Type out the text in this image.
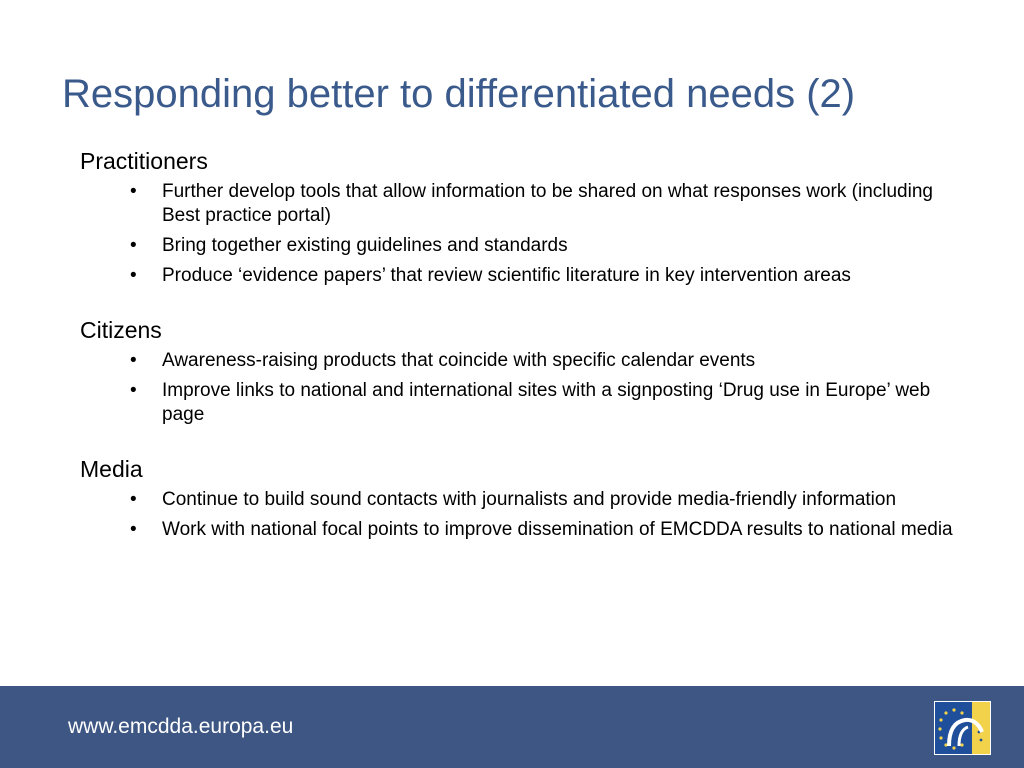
Responding better to differentiated needs (2)
Practitioners
• Further develop tools that allow information to be shared on what responses work (including Best practice portal)
• Bring together existing guidelines and standards
• Produce ‘evidence papers’ that review scientific literature in key intervention areas
Citizens
• Awareness-raising products that coincide with specific calendar events
• Improve links to national and international sites with a signposting ‘Drug use in Europe’ web page
Media
• Continue to build sound contacts with journalists and provide media-friendly information
• Work with national focal points to improve dissemination of EMCDDA results to national media
www.emcdda.europa.eu
